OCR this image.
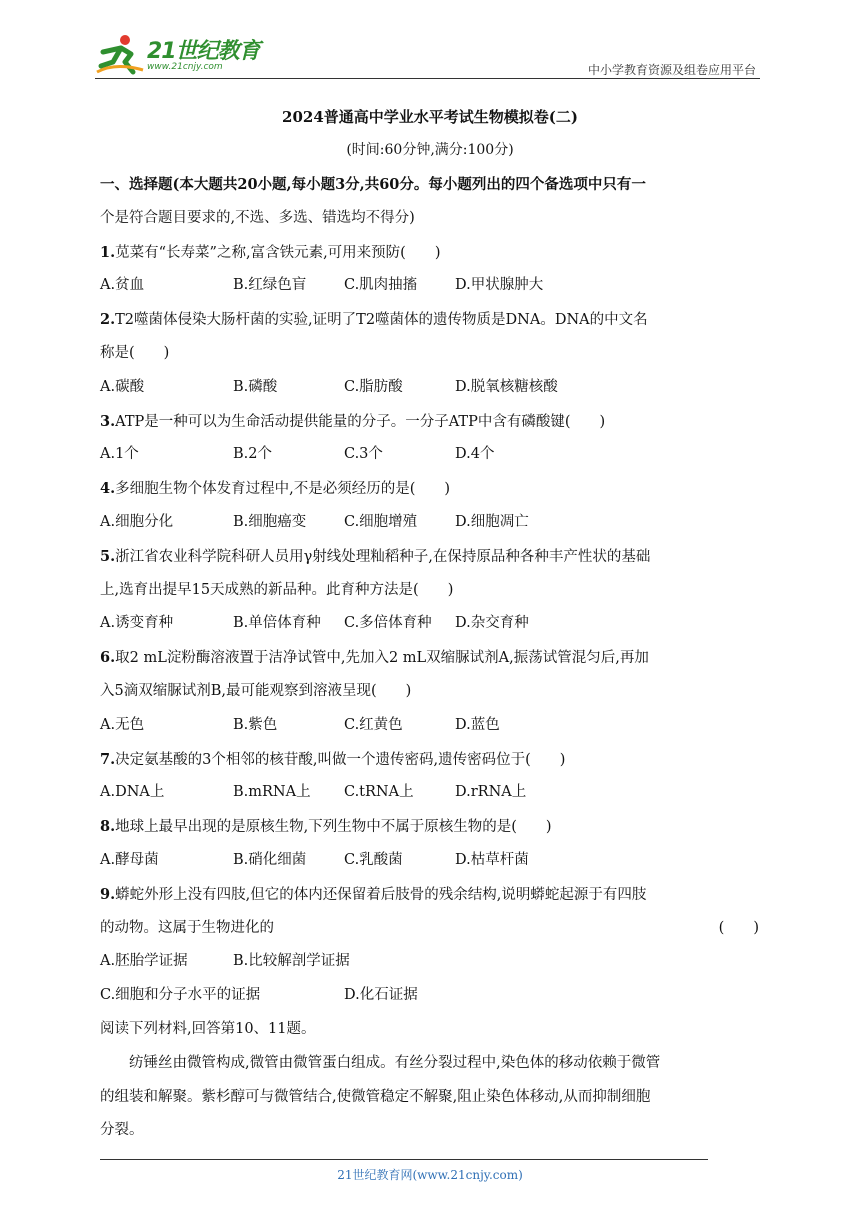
21世纪教育
www.21cnjy.com	中小学教育资源及组卷应用平台
2024普通高中学业水平考试生物模拟卷(二)
(时间:60分钟,满分:100分)
一、选择题(本大题共20小题,每小题3分,共60分。每小题列出的四个备选项中只有一
个是符合题目要求的,不选、多选、错选均不得分)
1.苋菜有“长寿菜”之称,富含铁元素,可用来预防(　　)
A.贫血	B.红绿色盲	C.肌肉抽搐	D.甲状腺肿大
2.T2噬菌体侵染大肠杆菌的实验,证明了T2噬菌体的遗传物质是DNA。DNA的中文名
称是(　　)
A.碳酸	B.磷酸	C.脂肪酸	D.脱氧核糖核酸
3.ATP是一种可以为生命活动提供能量的分子。一分子ATP中含有磷酸键(　　)
A.1个	B.2个	C.3个	D.4个
4.多细胞生物个体发育过程中,不是必须经历的是(　　)
A.细胞分化	B.细胞癌变	C.细胞增殖	D.细胞凋亡
5.浙江省农业科学院科研人员用γ射线处理籼稻种子,在保持原品种各种丰产性状的基础
上,选育出提早15天成熟的新品种。此育种方法是(　　)
A.诱变育种	B.单倍体育种	C.多倍体育种	D.杂交育种
6.取2 mL淀粉酶溶液置于洁净试管中,先加入2 mL双缩脲试剂A,振荡试管混匀后,再加
入5滴双缩脲试剂B,最可能观察到溶液呈现(　　)
A.无色	B.紫色	C.红黄色	D.蓝色
7.决定氨基酸的3个相邻的核苷酸,叫做一个遗传密码,遗传密码位于(　　)
A.DNA上	B.mRNA上	C.tRNA上	D.rRNA上
8.地球上最早出现的是原核生物,下列生物中不属于原核生物的是(　　)
A.酵母菌	B.硝化细菌	C.乳酸菌	D.枯草杆菌
9.蟒蛇外形上没有四肢,但它的体内还保留着后肢骨的残余结构,说明蟒蛇起源于有四肢
的动物。这属于生物进化的	(　　)
A.胚胎学证据	B.比较解剖学证据
C.细胞和分子水平的证据	D.化石证据
阅读下列材料,回答第10、11题。
纺锤丝由微管构成,微管由微管蛋白组成。有丝分裂过程中,染色体的移动依赖于微管
的组装和解聚。紫杉醇可与微管结合,使微管稳定不解聚,阻止染色体移动,从而抑制细胞
分裂。
21世纪教育网(www.21cnjy.com)
